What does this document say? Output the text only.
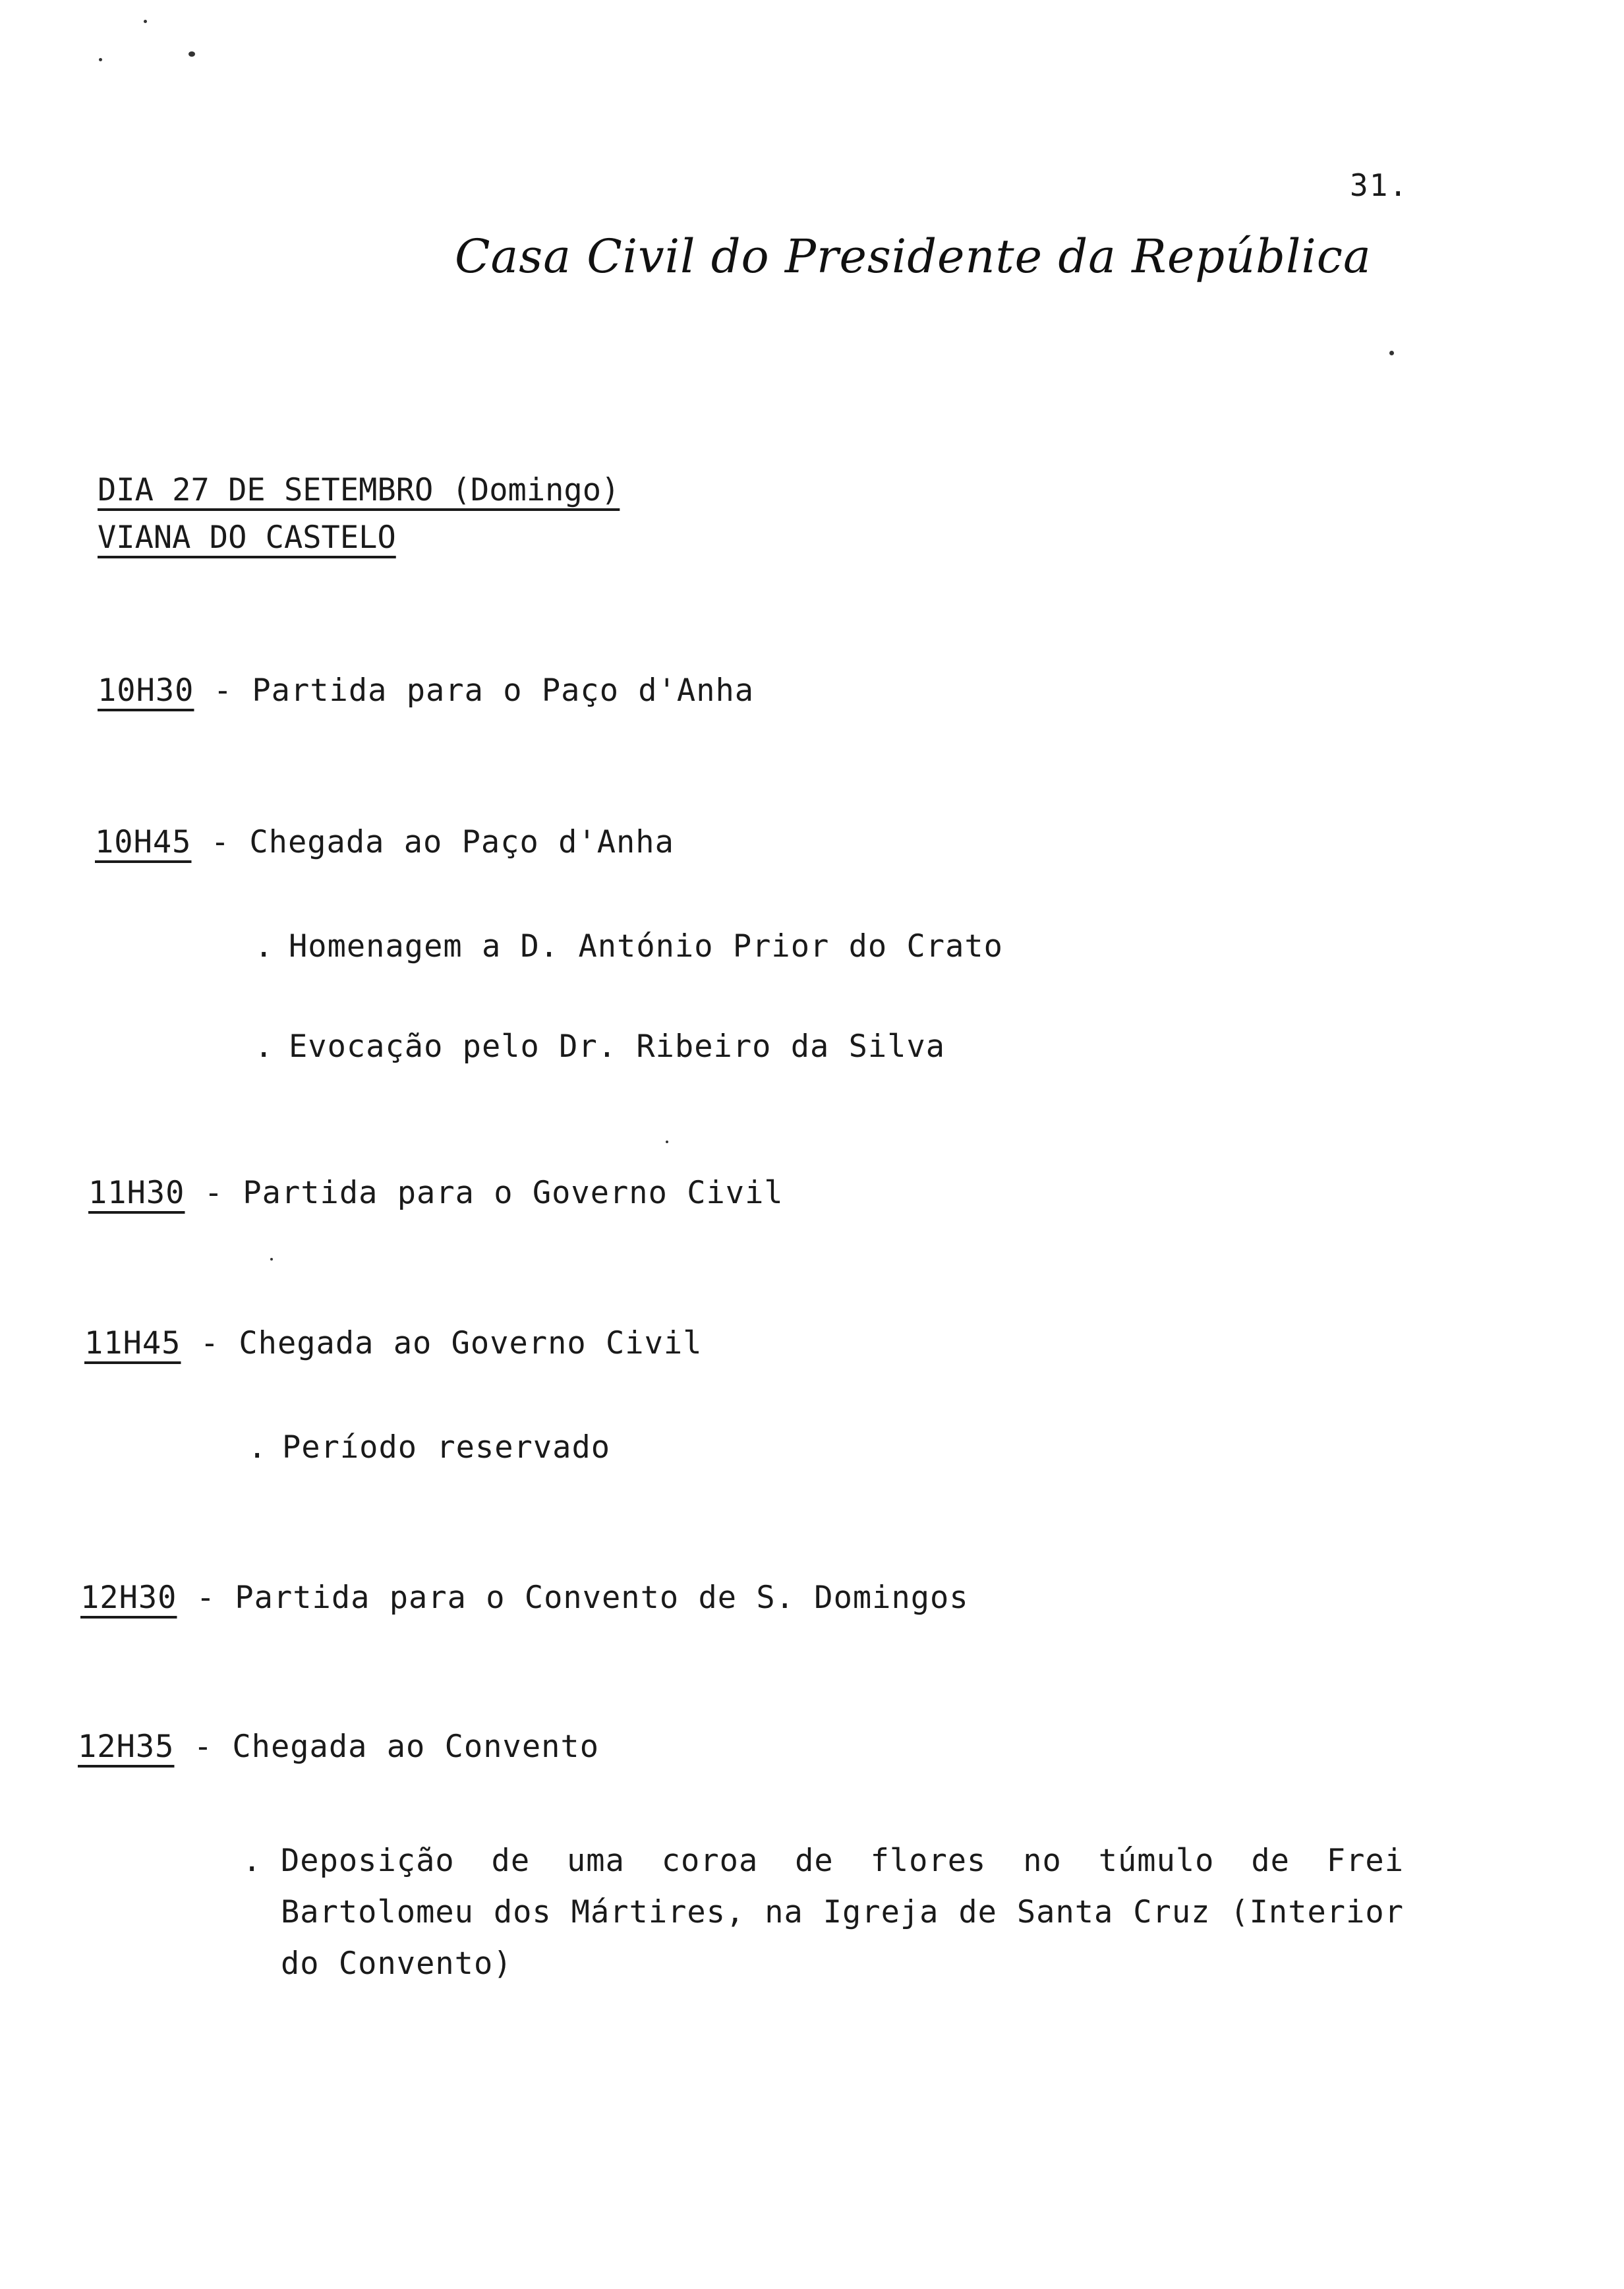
31.
Casa Civil do Presidente da República
DIA 27 DE SETEMBRO (Domingo)
VIANA DO CASTELO
10H30 - Partida para o Paço d'Anha
10H45 - Chegada ao Paço d'Anha
. Homenagem a D. António Prior do Crato
. Evocação pelo Dr. Ribeiro da Silva
11H30 - Partida para o Governo Civil
11H45 - Chegada ao Governo Civil
. Período reservado
12H30 - Partida para o Convento de S. Domingos
12H35 - Chegada ao Convento
. Deposição de uma coroa de flores no túmulo de Frei Bartolomeu dos Mártires, na Igreja de Santa Cruz (Interior do Convento)
